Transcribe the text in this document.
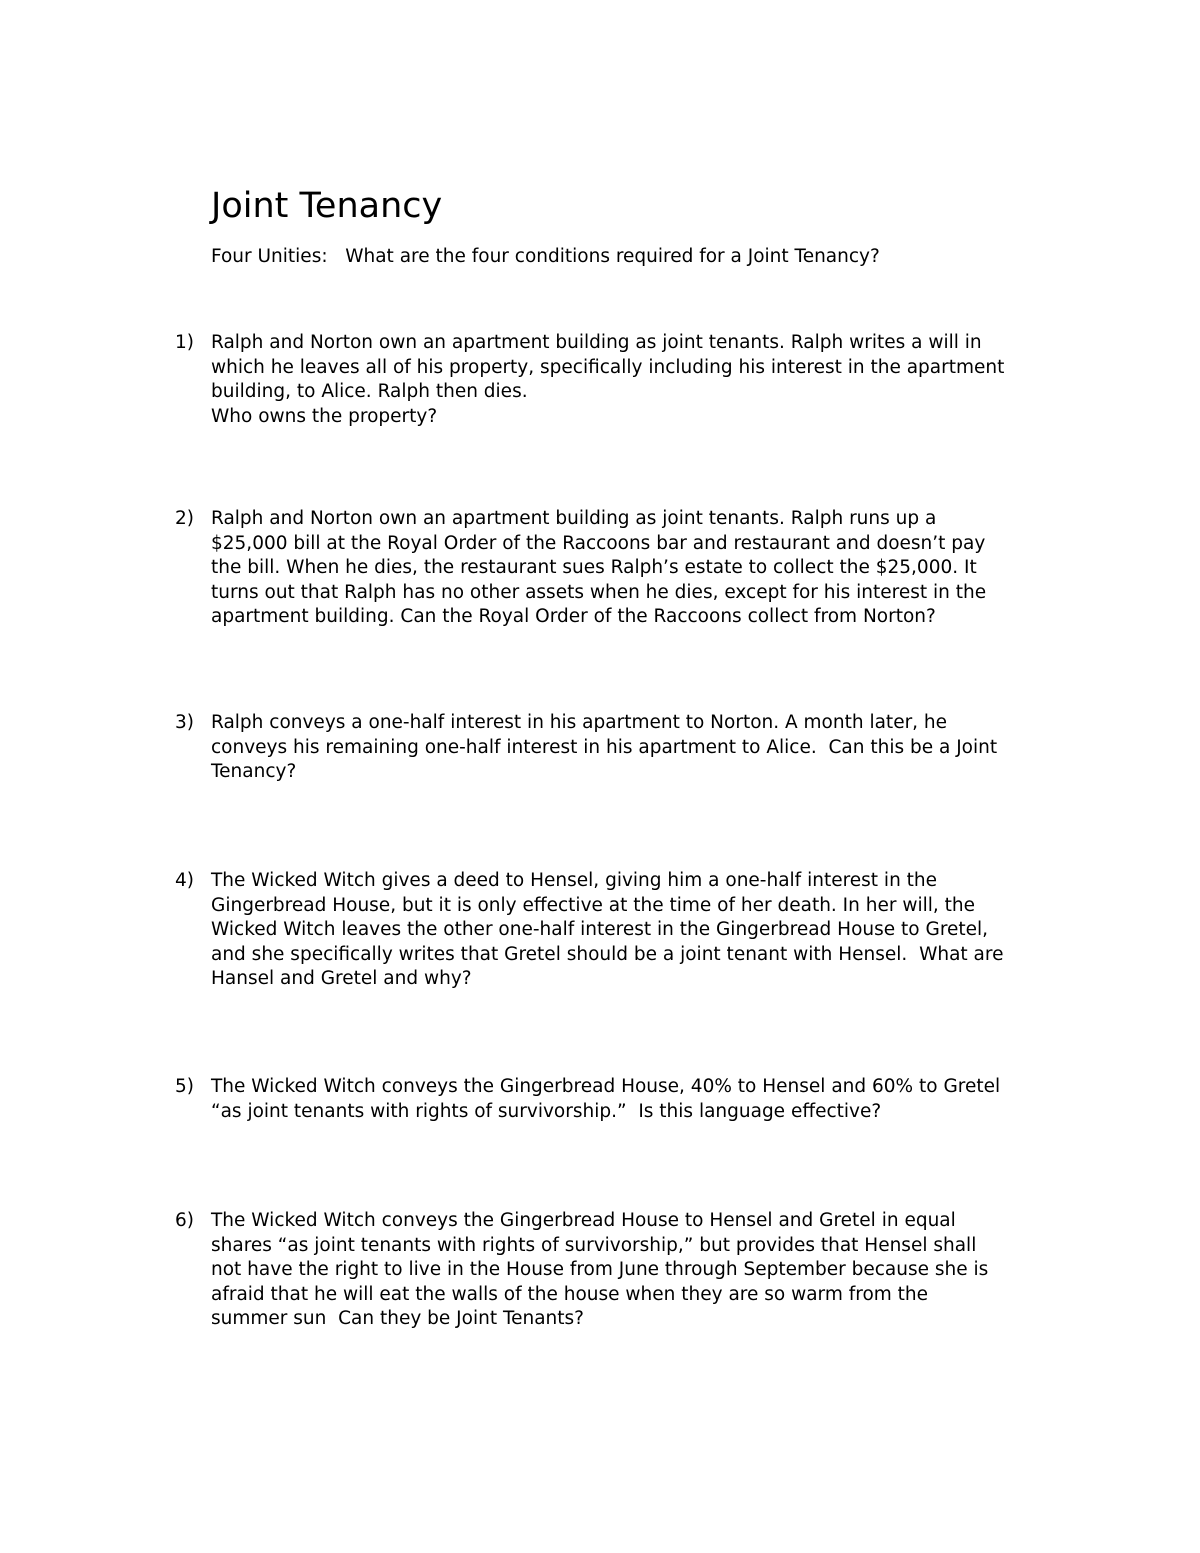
Joint Tenancy
Four Unities:   What are the four conditions required for a Joint Tenancy?
1) Ralph and Norton own an apartment building as joint tenants. Ralph writes a will in
which he leaves all of his property, specifically including his interest in the apartment
building, to Alice. Ralph then dies.
Who owns the property?
2) Ralph and Norton own an apartment building as joint tenants. Ralph runs up a
$25,000 bill at the Royal Order of the Raccoons bar and restaurant and doesn’t pay
the bill. When he dies, the restaurant sues Ralph’s estate to collect the $25,000. It
turns out that Ralph has no other assets when he dies, except for his interest in the
apartment building. Can the Royal Order of the Raccoons collect from Norton?
3) Ralph conveys a one-half interest in his apartment to Norton. A month later, he
conveys his remaining one-half interest in his apartment to Alice.  Can this be a Joint
Tenancy?
4) The Wicked Witch gives a deed to Hensel, giving him a one-half interest in the
Gingerbread House, but it is only effective at the time of her death. In her will, the
Wicked Witch leaves the other one-half interest in the Gingerbread House to Gretel,
and she specifically writes that Gretel should be a joint tenant with Hensel.  What are
Hansel and Gretel and why?
5) The Wicked Witch conveys the Gingerbread House, 40% to Hensel and 60% to Gretel
“as joint tenants with rights of survivorship.”  Is this language effective?
6) The Wicked Witch conveys the Gingerbread House to Hensel and Gretel in equal
shares “as joint tenants with rights of survivorship,” but provides that Hensel shall
not have the right to live in the House from June through September because she is
afraid that he will eat the walls of the house when they are so warm from the
summer sun  Can they be Joint Tenants?
